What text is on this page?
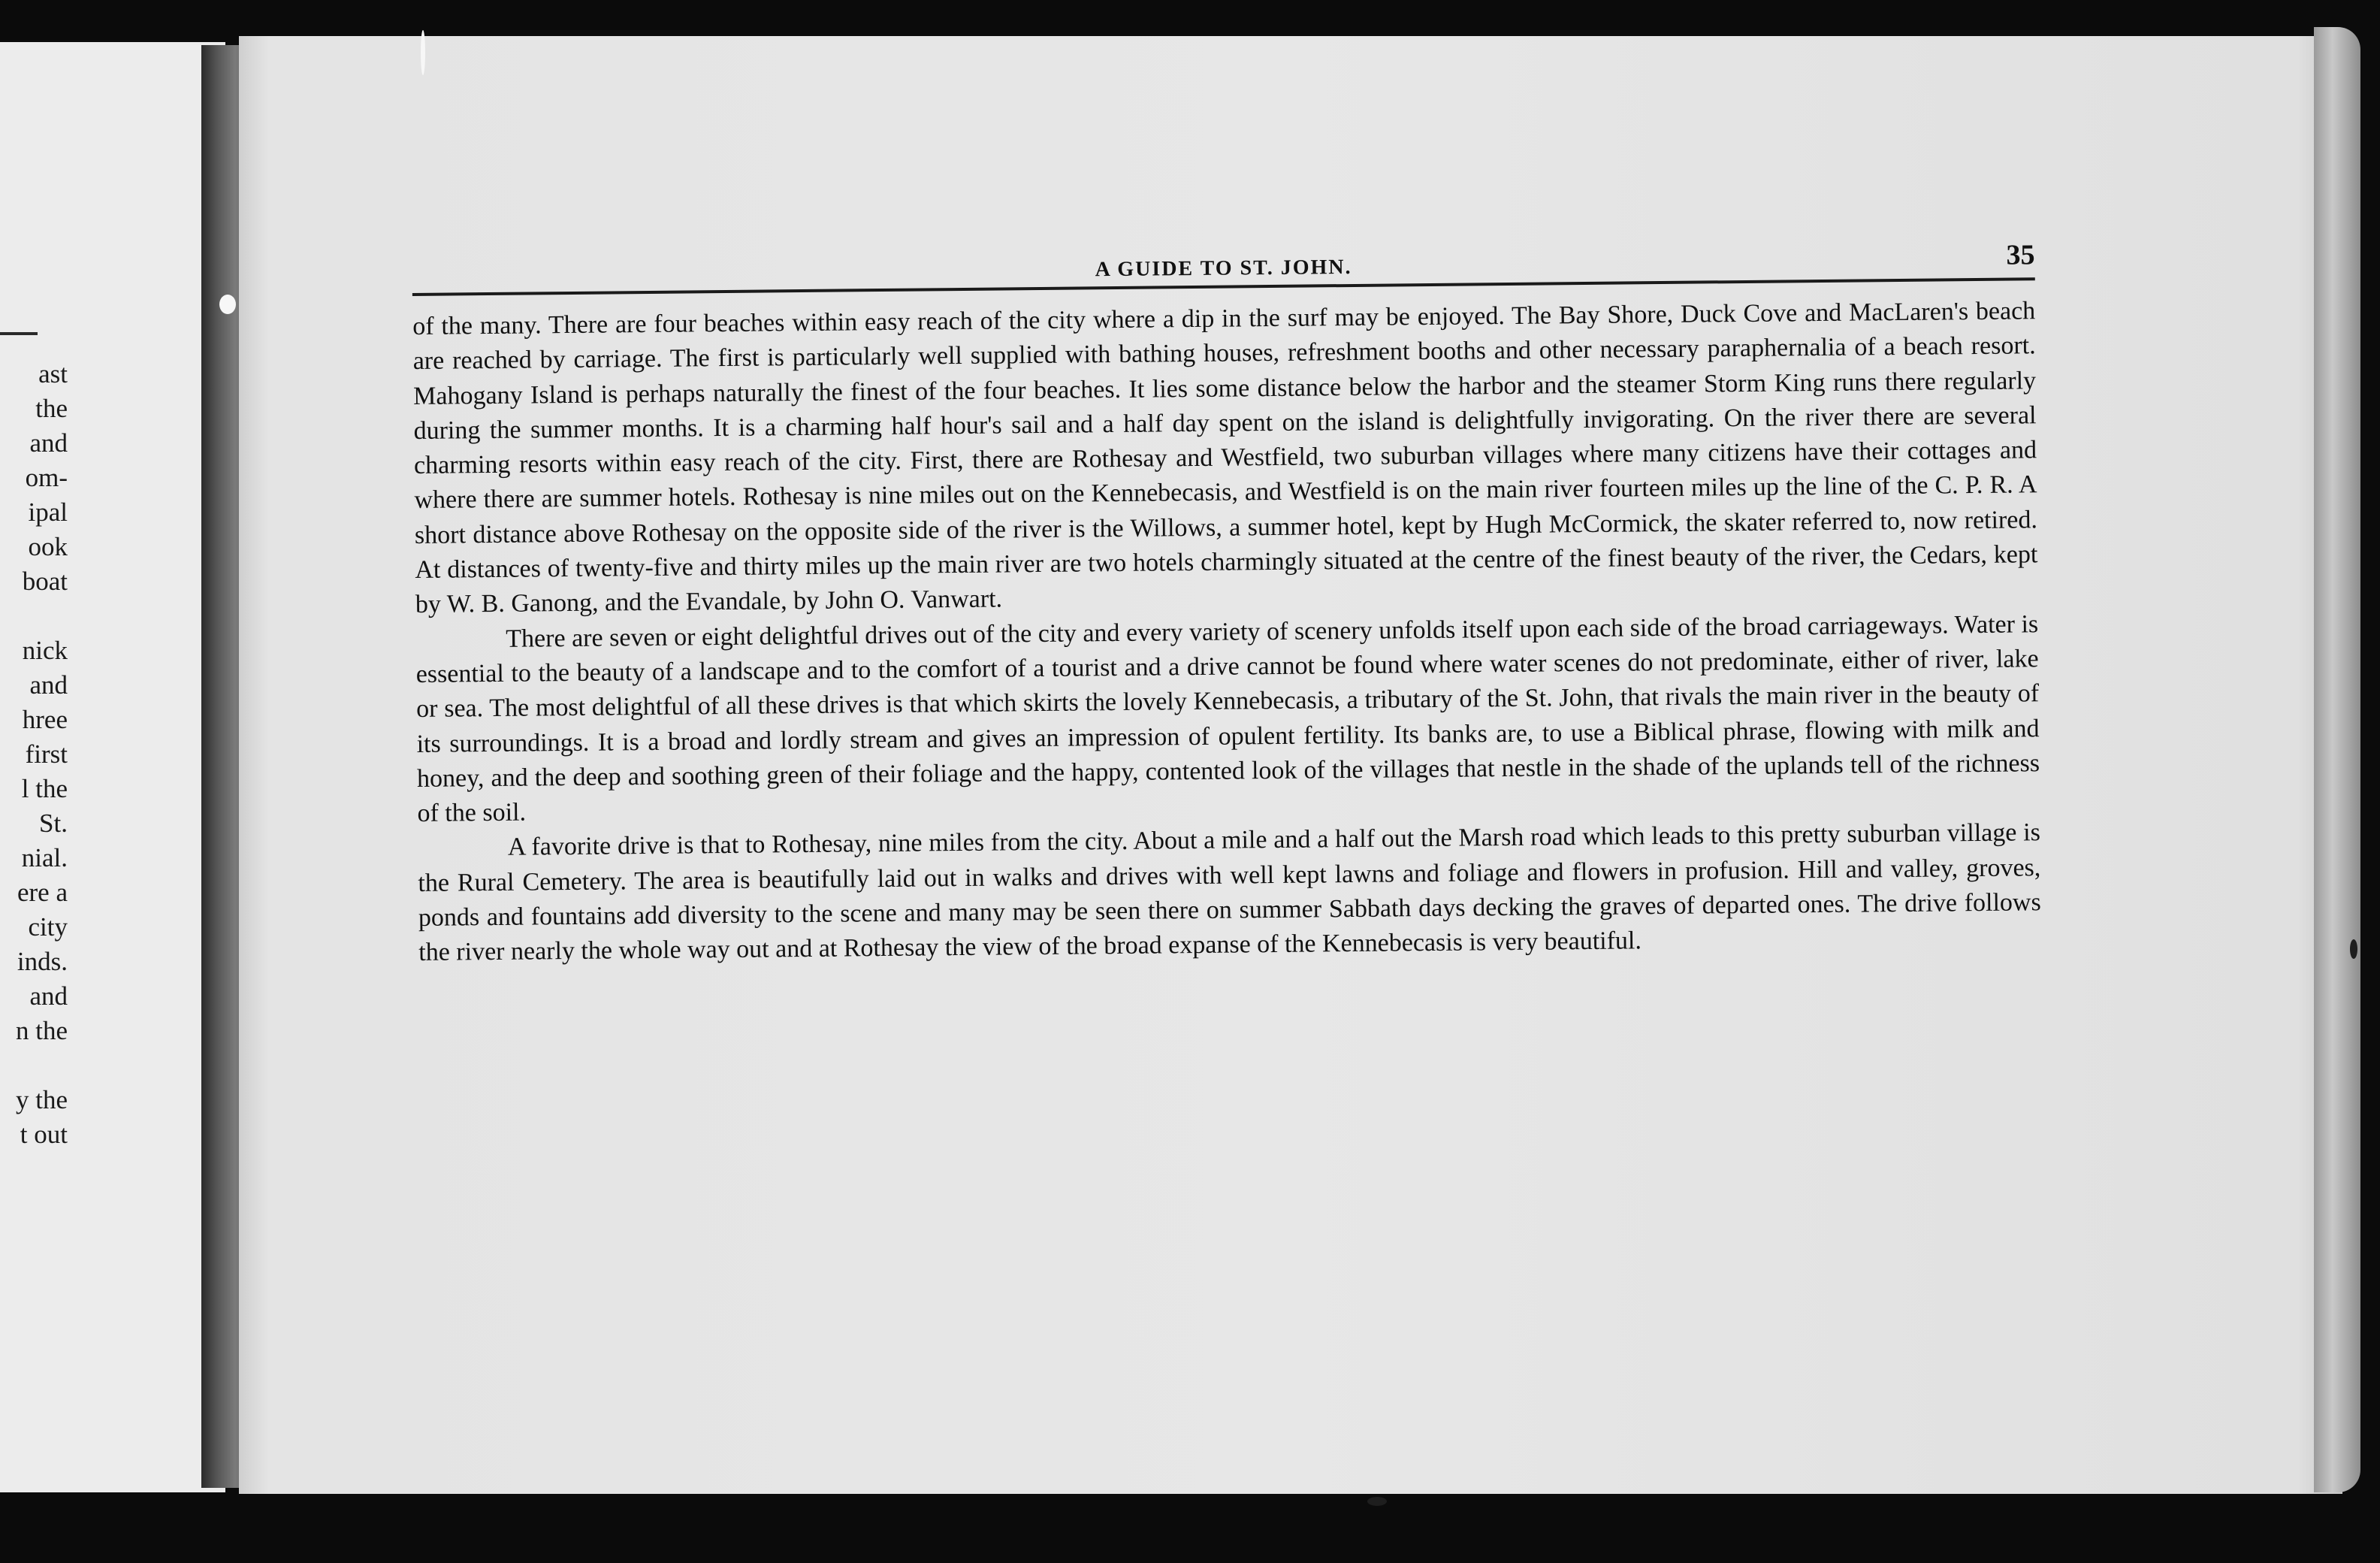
ast
the
and
om-
ipal
ook
boat
nick
and
hree
first
l the
St.
nial.
ere a
city
inds.
and
n the
y the
t out
A GUIDE TO ST. JOHN.	35

of the many. There are four beaches within easy reach of the city where a dip in the surf may be enjoyed. The Bay Shore, Duck Cove and MacLaren's beach are reached by carriage. The first is particularly well supplied with bathing houses, refreshment booths and other necessary paraphernalia of a beach resort. Mahogany Island is perhaps naturally the finest of the four beaches. It lies some distance below the harbor and the steamer Storm King runs there regularly during the summer months. It is a charming half hour's sail and a half day spent on the island is delightfully invigorating. On the river there are several charming resorts within easy reach of the city. First, there are Rothesay and Westfield, two suburban villages where many citizens have their cottages and where there are summer hotels. Rothesay is nine miles out on the Kennebecasis, and Westfield is on the main river fourteen miles up the line of the C. P. R. A short distance above Rothesay on the opposite side of the river is the Willows, a summer hotel, kept by Hugh McCormick, the skater referred to, now retired. At distances of twenty-five and thirty miles up the main river are two hotels charmingly situated at the centre of the finest beauty of the river, the Cedars, kept by W. B. Ganong, and the Evandale, by John O. Vanwart.

There are seven or eight delightful drives out of the city and every variety of scenery unfolds itself upon each side of the broad carriageways. Water is essential to the beauty of a landscape and to the comfort of a tourist and a drive cannot be found where water scenes do not predominate, either of river, lake or sea. The most delightful of all these drives is that which skirts the lovely Kennebecasis, a tributary of the St. John, that rivals the main river in the beauty of its surroundings. It is a broad and lordly stream and gives an impression of opulent fertility. Its banks are, to use a Biblical phrase, flowing with milk and honey, and the deep and soothing green of their foliage and the happy, contented look of the villages that nestle in the shade of the uplands tell of the richness of the soil.

A favorite drive is that to Rothesay, nine miles from the city. About a mile and a half out the Marsh road which leads to this pretty suburban village is the Rural Cemetery. The area is beautifully laid out in walks and drives with well kept lawns and foliage and flowers in profusion. Hill and valley, groves, ponds and fountains add diversity to the scene and many may be seen there on summer Sabbath days decking the graves of departed ones. The drive follows the river nearly the whole way out and at Rothesay the view of the broad expanse of the Kennebecasis is very beautiful.
